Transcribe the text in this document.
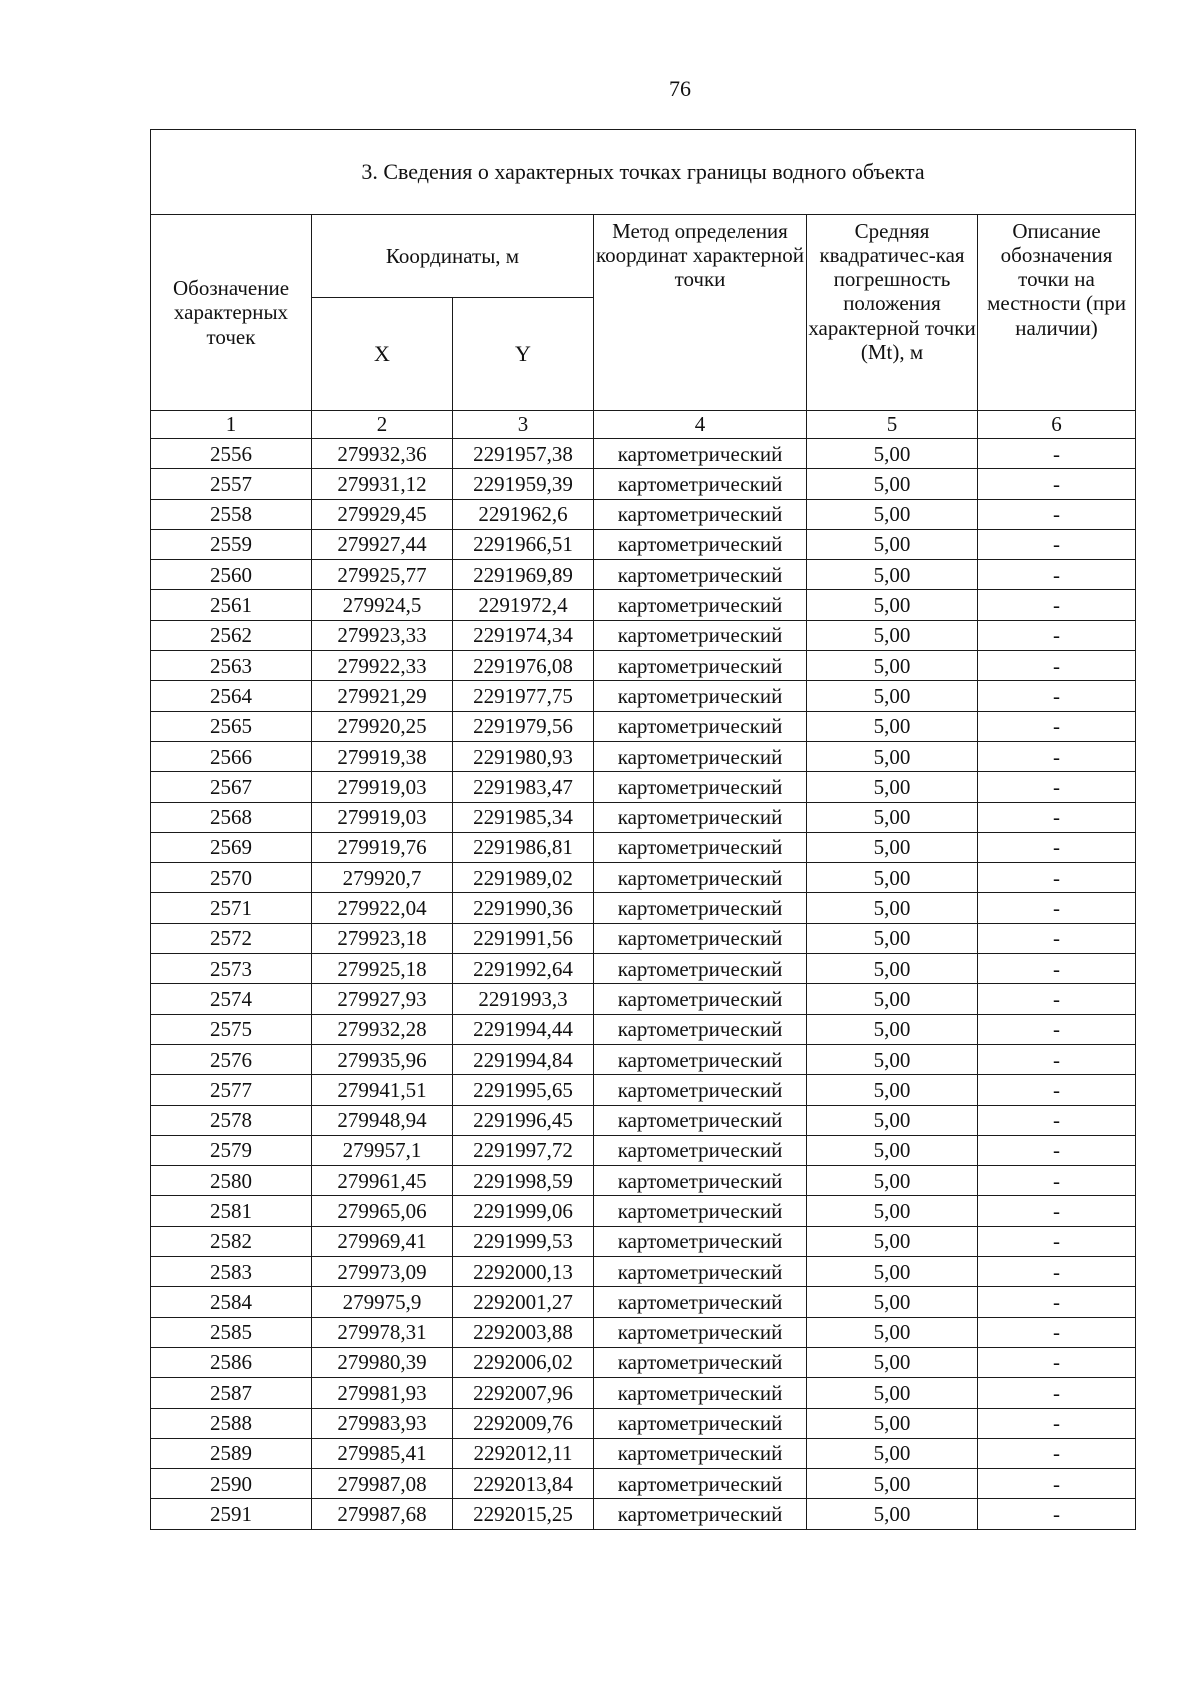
76
3. Сведения о характерных точках границы водного объекта					
Обозначение характерных точек	Координаты, м		Метод определения координат характерной точки	Средняя квадратичес-кая погрешность положения характерной точки (Mt), м	Описание обозначения точки на местности (при наличии)
	X	Y			
1	2	3	4	5	6
2556	279932,36	2291957,38	картометрический	5,00	-
2557	279931,12	2291959,39	картометрический	5,00	-
2558	279929,45	2291962,6	картометрический	5,00	-
2559	279927,44	2291966,51	картометрический	5,00	-
2560	279925,77	2291969,89	картометрический	5,00	-
2561	279924,5	2291972,4	картометрический	5,00	-
2562	279923,33	2291974,34	картометрический	5,00	-
2563	279922,33	2291976,08	картометрический	5,00	-
2564	279921,29	2291977,75	картометрический	5,00	-
2565	279920,25	2291979,56	картометрический	5,00	-
2566	279919,38	2291980,93	картометрический	5,00	-
2567	279919,03	2291983,47	картометрический	5,00	-
2568	279919,03	2291985,34	картометрический	5,00	-
2569	279919,76	2291986,81	картометрический	5,00	-
2570	279920,7	2291989,02	картометрический	5,00	-
2571	279922,04	2291990,36	картометрический	5,00	-
2572	279923,18	2291991,56	картометрический	5,00	-
2573	279925,18	2291992,64	картометрический	5,00	-
2574	279927,93	2291993,3	картометрический	5,00	-
2575	279932,28	2291994,44	картометрический	5,00	-
2576	279935,96	2291994,84	картометрический	5,00	-
2577	279941,51	2291995,65	картометрический	5,00	-
2578	279948,94	2291996,45	картометрический	5,00	-
2579	279957,1	2291997,72	картометрический	5,00	-
2580	279961,45	2291998,59	картометрический	5,00	-
2581	279965,06	2291999,06	картометрический	5,00	-
2582	279969,41	2291999,53	картометрический	5,00	-
2583	279973,09	2292000,13	картометрический	5,00	-
2584	279975,9	2292001,27	картометрический	5,00	-
2585	279978,31	2292003,88	картометрический	5,00	-
2586	279980,39	2292006,02	картометрический	5,00	-
2587	279981,93	2292007,96	картометрический	5,00	-
2588	279983,93	2292009,76	картометрический	5,00	-
2589	279985,41	2292012,11	картометрический	5,00	-
2590	279987,08	2292013,84	картометрический	5,00	-
2591	279987,68	2292015,25	картометрический	5,00	-
